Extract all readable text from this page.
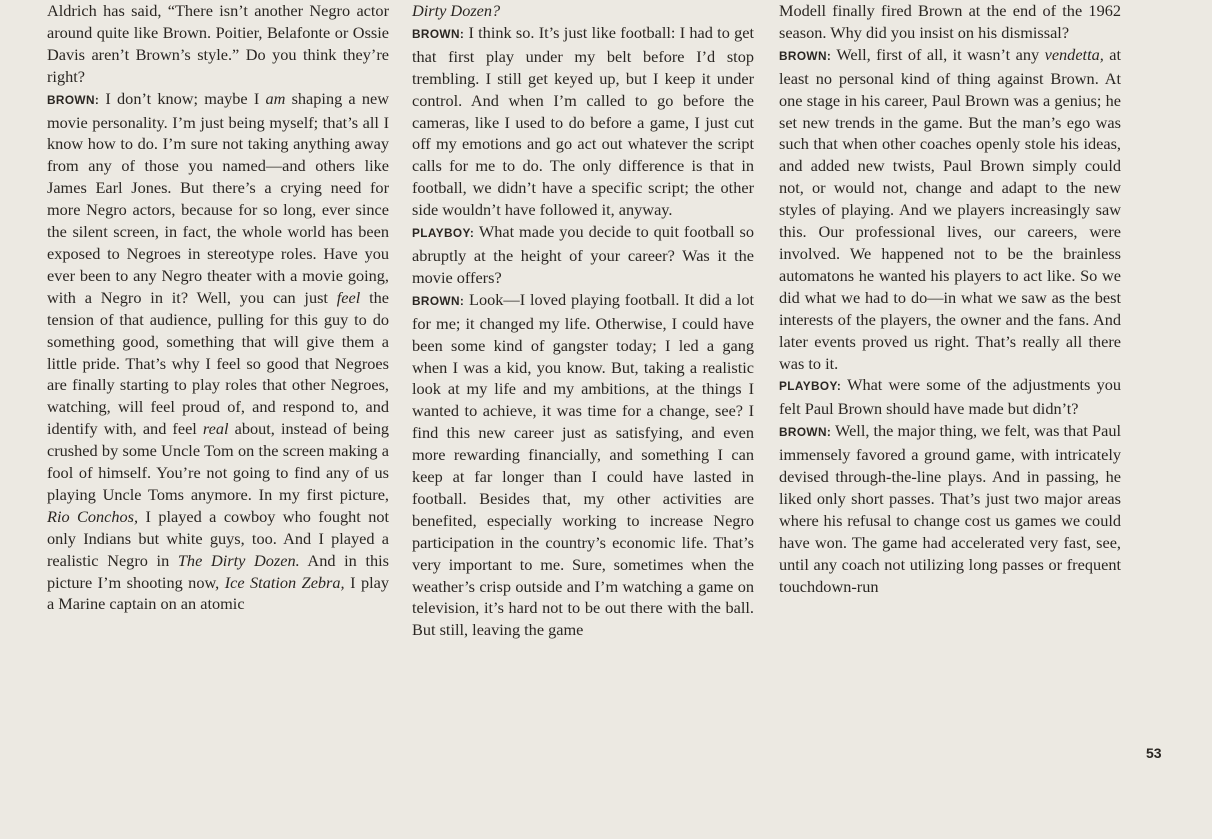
Aldrich has said, “There isn’t another Negro actor around quite like Brown. Poitier, Belafonte or Ossie Davis aren’t Brown’s style.” Do you think they’re right?

BROWN: I don’t know; maybe I am shaping a new movie personality. I’m just being myself; that’s all I know how to do. I’m sure not taking anything away from any of those you named—and others like James Earl Jones. But there’s a crying need for more Negro actors, because for so long, ever since the silent screen, in fact, the whole world has been exposed to Negroes in stereotype roles. Have you ever been to any Negro theater with a movie going, with a Negro in it? Well, you can just feel the tension of that audience, pulling for this guy to do something good, something that will give them a little pride. That’s why I feel so good that Negroes are finally starting to play roles that other Negroes, watching, will feel proud of, and respond to, and identify with, and feel real about, instead of being crushed by some Uncle Tom on the screen making a fool of himself. You’re not going to find any of us playing Uncle Toms anymore. In my first picture, Rio Conchos, I played a cowboy who fought not only Indians but white guys, too. And I played a realistic Negro in The Dirty Dozen. And in this picture I’m shooting now, Ice Station Zebra, I play a Marine captain on an atomic

Dirty Dozen?

BROWN: I think so. It’s just like football: I had to get that first play under my belt before I’d stop trembling. I still get keyed up, but I keep it under control. And when I’m called to go before the cameras, like I used to do before a game, I just cut off my emotions and go act out whatever the script calls for me to do. The only difference is that in football, we didn’t have a specific script; the other side wouldn’t have followed it, anyway.

PLAYBOY: What made you decide to quit football so abruptly at the height of your career? Was it the movie offers?

BROWN: Look—I loved playing football. It did a lot for me; it changed my life. Otherwise, I could have been some kind of gangster today; I led a gang when I was a kid, you know. But, taking a realistic look at my life and my ambitions, at the things I wanted to achieve, it was time for a change, see? I find this new career just as satisfying, and even more rewarding financially, and something I can keep at far longer than I could have lasted in football. Besides that, my other activities are benefited, especially working to increase Negro participation in the country’s economic life. That’s very important to me. Sure, sometimes when the weather’s crisp outside and I’m watching a game on television, it’s hard not to be out there with the ball. But still, leaving the game

Modell finally fired Brown at the end of the 1962 season. Why did you insist on his dismissal?

BROWN: Well, first of all, it wasn’t any vendetta, at least no personal kind of thing against Brown. At one stage in his career, Paul Brown was a genius; he set new trends in the game. But the man’s ego was such that when other coaches openly stole his ideas, and added new twists, Paul Brown simply could not, or would not, change and adapt to the new styles of playing. And we players increasingly saw this. Our professional lives, our careers, were involved. We happened not to be the brainless automatons he wanted his players to act like. So we did what we had to do—in what we saw as the best interests of the players, the owner and the fans. And later events proved us right. That’s really all there was to it.

PLAYBOY: What were some of the adjustments you felt Paul Brown should have made but didn’t?

BROWN: Well, the major thing, we felt, was that Paul immensely favored a ground game, with intricately devised through-the-line plays. And in passing, he liked only short passes. That’s just two major areas where his refusal to change cost us games we could have won. The game had accelerated very fast, see, until any coach not utilizing long passes or frequent touchdown-run

53
